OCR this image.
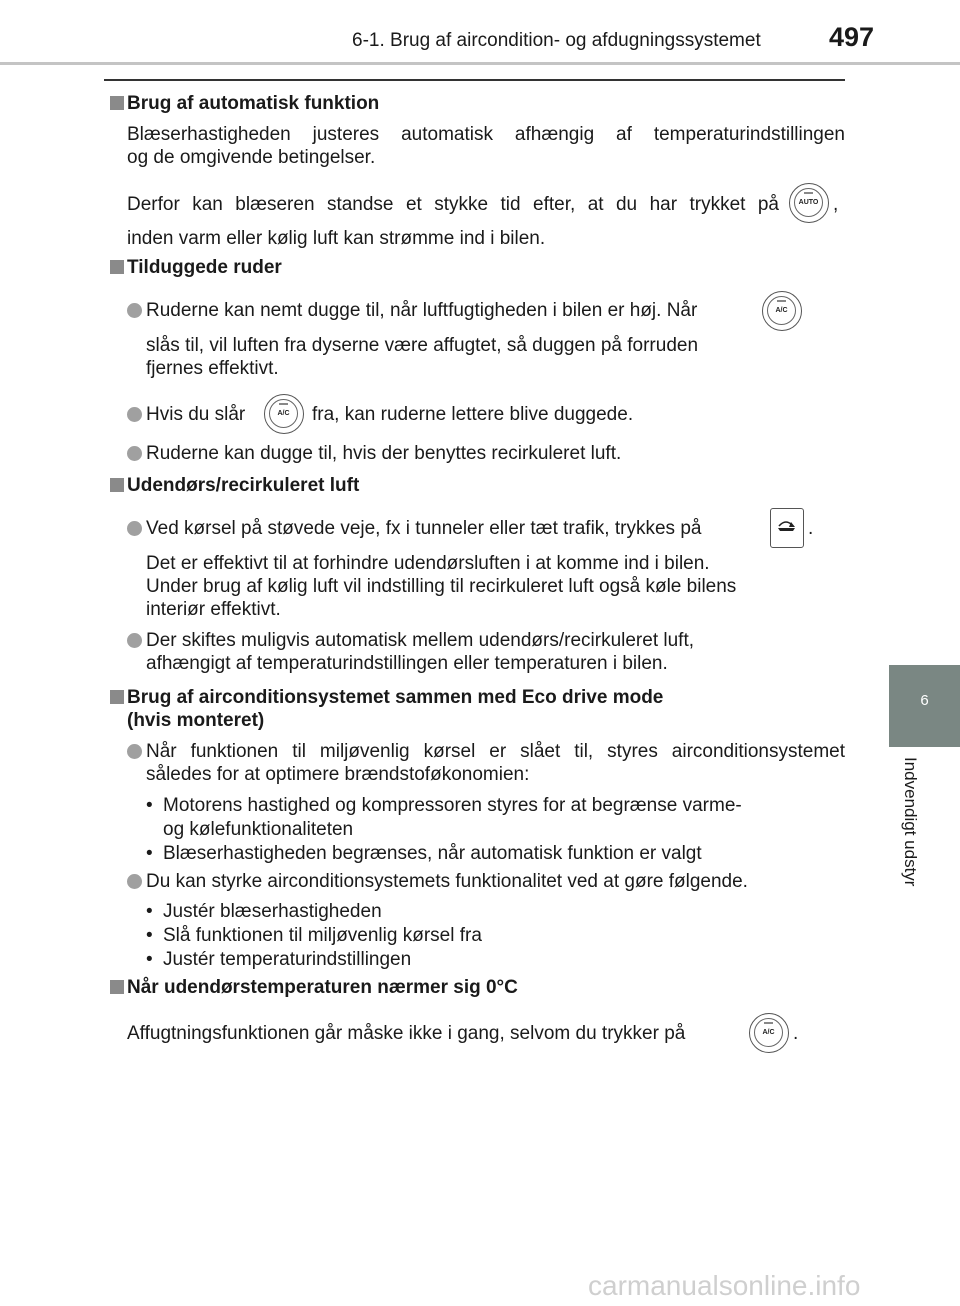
6-1. Brug af aircondition- og afdugningssystemet	497
6
Indvendigt udstyr
Brug af automatisk funktion
Blæserhastigheden justeres automatisk afhængig af temperaturindstillingen
og de omgivende betingelser.
Derfor kan blæseren standse et stykke tid efter, at du har trykket på	AUTO ,
inden varm eller kølig luft kan strømme ind i bilen.
Tilduggede ruder
Ruderne kan nemt dugge til, når luftfugtigheden i bilen er høj. Når	A/C
slås til, vil luften fra dyserne være affugtet, så duggen på forruden
fjernes effektivt.
Hvis du slår	A/C	fra, kan ruderne lettere blive duggede.
Ruderne kan dugge til, hvis der benyttes recirkuleret luft.
Udendørs/recirkuleret luft
Ved kørsel på støvede veje, fx i tunneler eller tæt trafik, trykkes på	.
Det er effektivt til at forhindre udendørsluften i at komme ind i bilen.
Under brug af kølig luft vil indstilling til recirkuleret luft også køle bilens
interiør effektivt.
Der skiftes muligvis automatisk mellem udendørs/recirkuleret luft,
afhængigt af temperaturindstillingen eller temperaturen i bilen.
Brug af airconditionsystemet sammen med Eco drive mode
(hvis monteret)
Når funktionen til miljøvenlig kørsel er slået til, styres airconditionsystemet
således for at optimere brændstoføkonomien:
• Motorens hastighed og kompressoren styres for at begrænse varme-
og kølefunktionaliteten
• Blæserhastigheden begrænses, når automatisk funktion er valgt
Du kan styrke airconditionsystemets funktionalitet ved at gøre følgende.
• Justér blæserhastigheden
• Slå funktionen til miljøvenlig kørsel fra
• Justér temperaturindstillingen
Når udendørstemperaturen nærmer sig 0°C
Affugtningsfunktionen går måske ikke i gang, selvom du trykker på	A/C .
carmanualsonline.info
